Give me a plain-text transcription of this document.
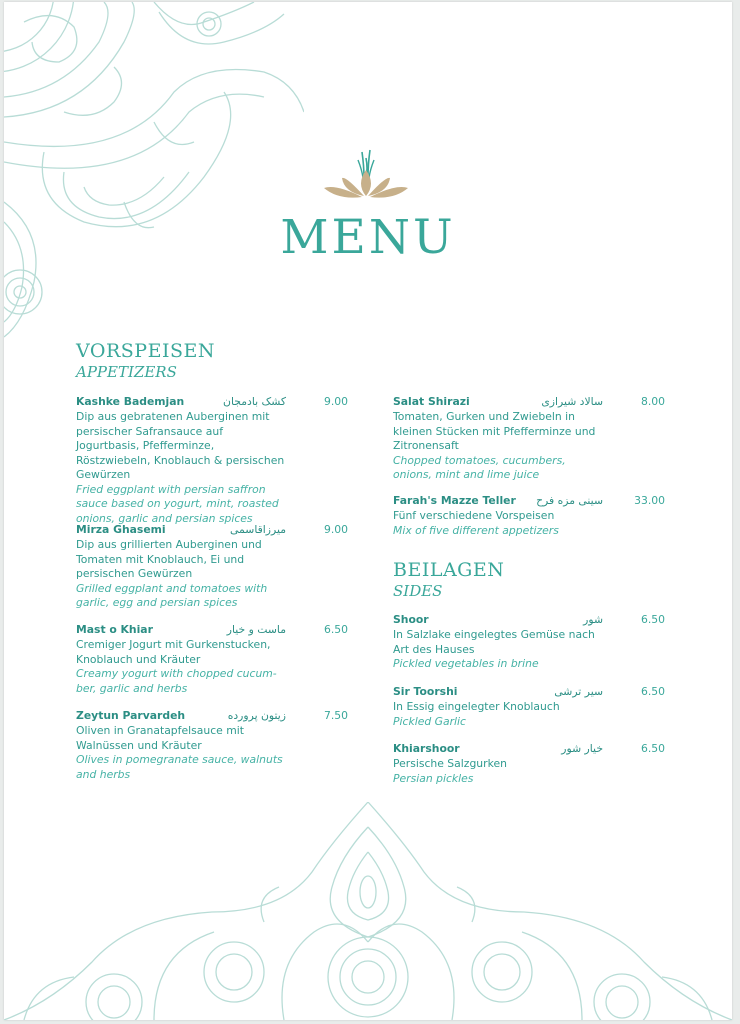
MENU
VORSPEISEN
APPETIZERS
Kashke Bademjan	کشک بادمجان	9.00
Dip aus gebratenen Auberginen mit persischer Safransauce auf Jogurtbasis, Pfefferminze, Röstzwiebeln, Knoblauch & persischen Gewürzen
Fried eggplant with persian saffron sauce based on yogurt, mint, roasted onions, garlic and persian spices
Mirza Ghasemi	میرزاقاسمی	9.00
Dip aus grillierten Auberginen und Tomaten mit Knoblauch, Ei und persischen Gewürzen
Grilled eggplant and tomatoes with garlic, egg and persian spices
Mast o Khiar	ماست و خیار	6.50
Cremiger Jogurt mit Gurkenstucken, Knoblauch und Kräuter
Creamy yogurt with chopped cucum-ber, garlic and herbs
Zeytun Parvardeh	زیتون پرورده	7.50
Oliven in Granatapfelsauce mit Walnüssen und Kräuter
Olives in pomegranate sauce, walnuts and herbs
Salat Shirazi	سالاد شیرازی	8.00
Tomaten, Gurken und Zwiebeln in kleinen Stücken mit Pfefferminze und Zitronensaft
Chopped tomatoes, cucumbers, onions, mint and lime juice
Farah's Mazze Teller سینی مزه فرح	33.00
Fünf verschiedene Vorspeisen
Mix of five different appetizers
BEILAGEN
SIDES
Shoor	شور	6.50
In Salzlake eingelegtes Gemüse nach Art des Hauses
Pickled vegetables in brine
Sir Toorshi	سیر ترشی	6.50
In Essig eingelegter Knoblauch
Pickled Garlic
Khiarshoor	خیار شور	6.50
Persische Salzgurken
Persian pickles
